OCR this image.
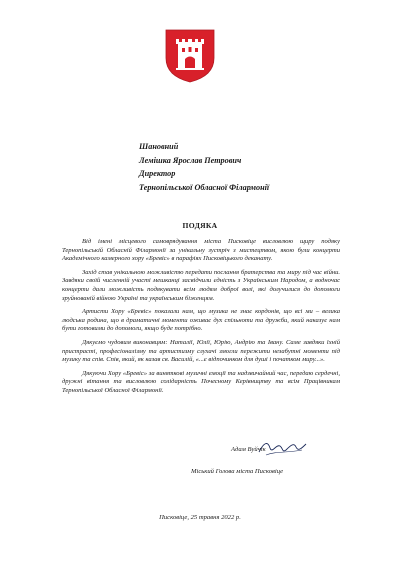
Шановний
Лемішка Ярослав Петрович
Директор
Тернопільської Обласної Філармонії
ПОДЯКА

Від імені місцевого самоврядування міста Писковіце висловлюю щиру подяку Тернопільській Обласній Філармонії за унікальну зустріч з мистецтвом, якою були концерти Академічного камерного хору «Бревіс» в парафіях Писковіцького деканату.

Захід став унікальною можливістю передати послання братерства та миру під час війни. Завдяки своїй численній участі мешканці засвідчили єдність з Українським Народом, а водночас концерти дали можливість подякувати всім людям доброї волі, які долучилися до допомоги зруйнованій війною Україні та українським біженцям.

Артисти Хору «Бревіс» показали нам, що музика не знає кордонів, що всі ми – велика людська родина, що в драматичні моменти оживає дух спільноти та дружби, який наказує нам бути готовими до допомоги, якщо буде потрібно.

Дякуємо чудовим виконавцям: Наталії, Юлії, Юрію, Андрію та Івану. Саме завдяки їхній пристрасті, професіоналізму та артистизму слухачі змогли пережити незабутні моменти під музику та спів. Спів, який, як казав св. Василій, «...є відпочинком для душі і початком миру...».

Дякуючи Хору «Бревіс» за виняткові музичні емоції та надзвичайний час, передаю сердечні, дружні вітання та висловлюю солідарність Почесному Керівництву та всім Працівникам Тернопільської Обласної Філармонії.

Адам Вуйчік
Міський Голова міста Писковіце
Писковіце, 25 травня 2022 р.
